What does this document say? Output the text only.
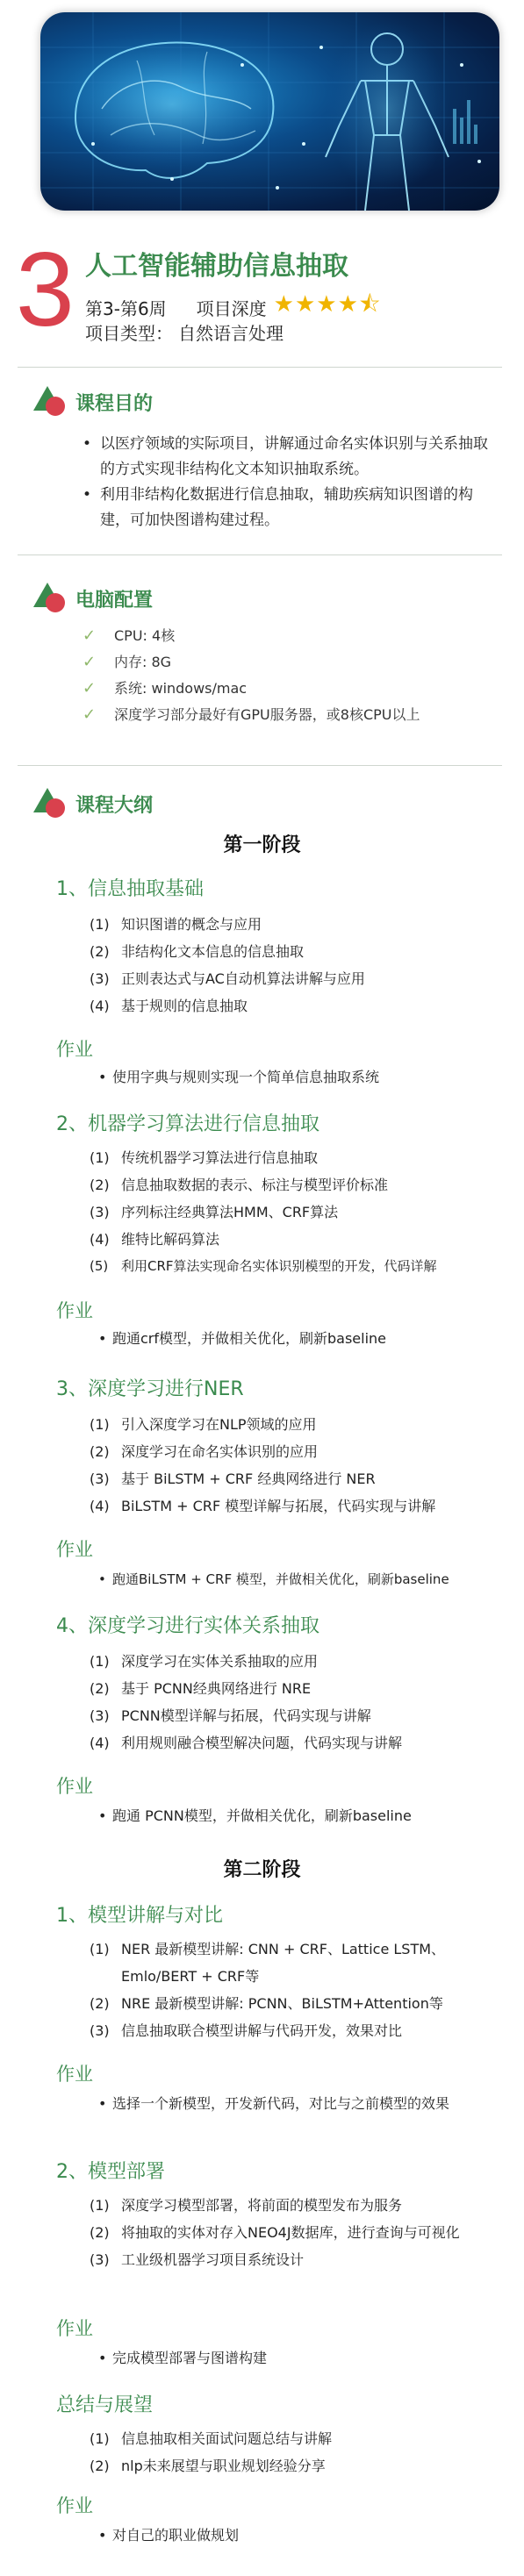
3 人工智能辅助信息抽取
第3-第6周 项目深度 ★★★★⯪
项目类型： 自然语言处理
课程目的
• 以医疗领域的实际项目，讲解通过命名实体识别与关系抽取的方式实现非结构化文本知识抽取系统。
• 利用非结构化数据进行信息抽取，辅助疾病知识图谱的构建，可加快图谱构建过程。
电脑配置
✓	CPU: 4核
✓	内存: 8G
✓	系统: windows/mac
✓	深度学习部分最好有GPU服务器，或8核CPU以上
课程大纲
第一阶段
1、信息抽取基础
(1) 知识图谱的概念与应用
(2) 非结构化文本信息的信息抽取
(3) 正则表达式与AC自动机算法讲解与应用
(4) 基于规则的信息抽取
作业
• 使用字典与规则实现一个简单信息抽取系统
2、机器学习算法进行信息抽取
(1) 传统机器学习算法进行信息抽取
(2) 信息抽取数据的表示、标注与模型评价标准
(3) 序列标注经典算法HMM、CRF算法
(4) 维特比解码算法
(5) 利用CRF算法实现命名实体识别模型的开发，代码详解
作业
• 跑通crf模型，并做相关优化，刷新baseline
3、深度学习进行NER
(1) 引入深度学习在NLP领域的应用
(2) 深度学习在命名实体识别的应用
(3) 基于 BiLSTM + CRF 经典网络进行 NER
(4) BiLSTM + CRF 模型详解与拓展，代码实现与讲解
作业
• 跑通BiLSTM + CRF 模型，并做相关优化，刷新baseline
4、深度学习进行实体关系抽取
(1) 深度学习在实体关系抽取的应用
(2) 基于 PCNN经典网络进行 NRE
(3) PCNN模型详解与拓展，代码实现与讲解
(4) 利用规则融合模型解决问题，代码实现与讲解
作业
• 跑通 PCNN模型，并做相关优化，刷新baseline
第二阶段
1、模型讲解与对比
(1) NER 最新模型讲解: CNN + CRF、Lattice LSTM、Emlo/BERT + CRF等
(2) NRE 最新模型讲解: PCNN、BiLSTM+Attention等
(3) 信息抽取联合模型讲解与代码开发，效果对比
作业
• 选择一个新模型，开发新代码，对比与之前模型的效果
2、模型部署
(1) 深度学习模型部署，将前面的模型发布为服务
(2) 将抽取的实体对存入NEO4J数据库，进行查询与可视化
(3) 工业级机器学习项目系统设计
作业
• 完成模型部署与图谱构建
总结与展望
(1) 信息抽取相关面试问题总结与讲解
(2) nlp未来展望与职业规划经验分享
作业
• 对自己的职业做规划
